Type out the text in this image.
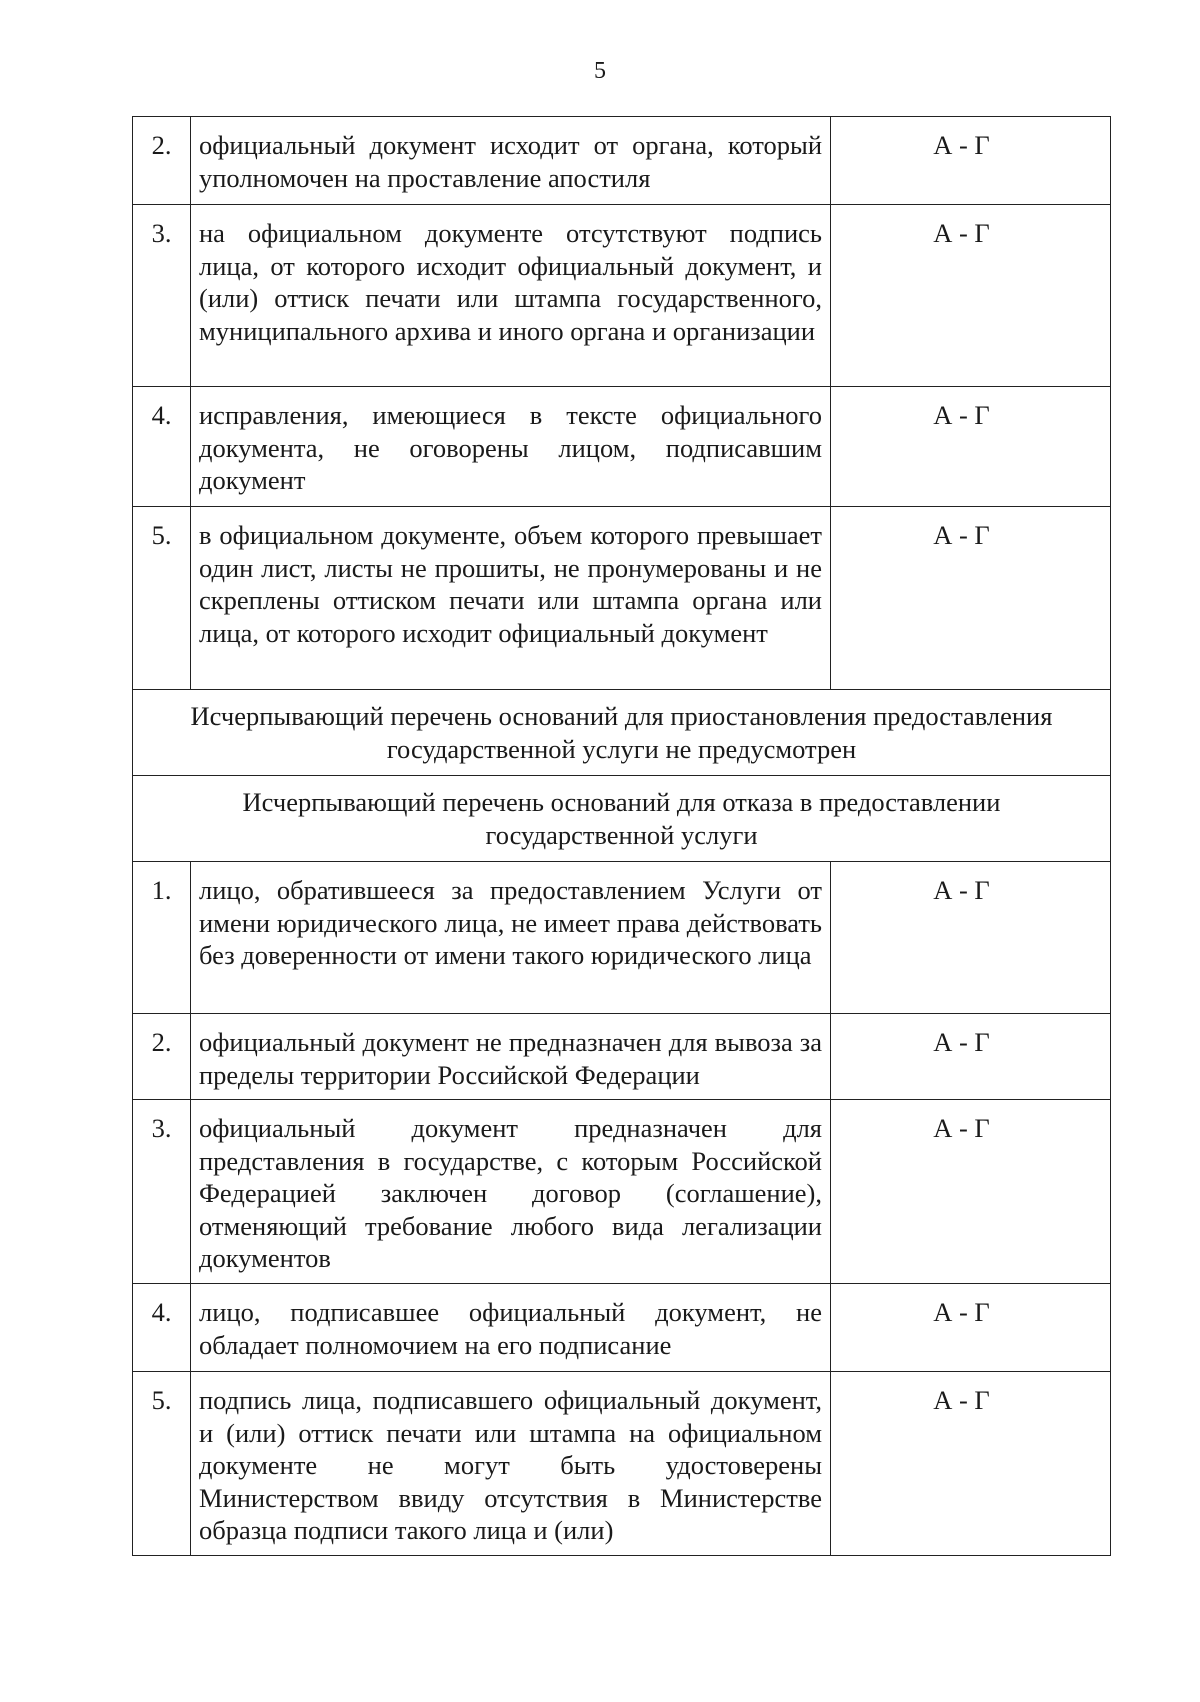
5
2.	официальный документ исходит от органа, который уполномочен на проставление апостиля	А - Г
3.	на официальном документе отсутствуют подпись лица, от которого исходит официальный документ, и (или) оттиск печати или штампа государственного, муниципального архива и иного органа и организации	А - Г
4.	исправления, имеющиеся в тексте официального документа, не оговорены лицом, подписавшим документ	А - Г
5.	в официальном документе, объем которого превышает один лист, листы не прошиты, не пронумерованы и не скреплены оттиском печати или штампа органа или лица, от которого исходит официальный документ	А - Г
Исчерпывающий перечень оснований для приостановления предоставления государственной услуги не предусмотрен		
Исчерпывающий перечень оснований для отказа в предоставлении государственной услуги		
1.	лицо, обратившееся за предоставлением Услуги от имени юридического лица, не имеет права действовать без доверенности от имени такого юридического лица	А - Г
2.	официальный документ не предназначен для вывоза за пределы территории Российской Федерации	А - Г
3.	официальный документ предназначен для представления в государстве, с которым Российской Федерацией заключен договор (соглашение), отменяющий требование любого вида легализации документов	А - Г
4.	лицо, подписавшее официальный документ, не обладает полномочием на его подписание	А - Г
5.	подпись лица, подписавшего официальный документ, и (или) оттиск печати или штампа на официальном документе не могут быть удостоверены Министерством ввиду отсутствия в Министерстве образца подписи такого лица и (или)	А - Г
